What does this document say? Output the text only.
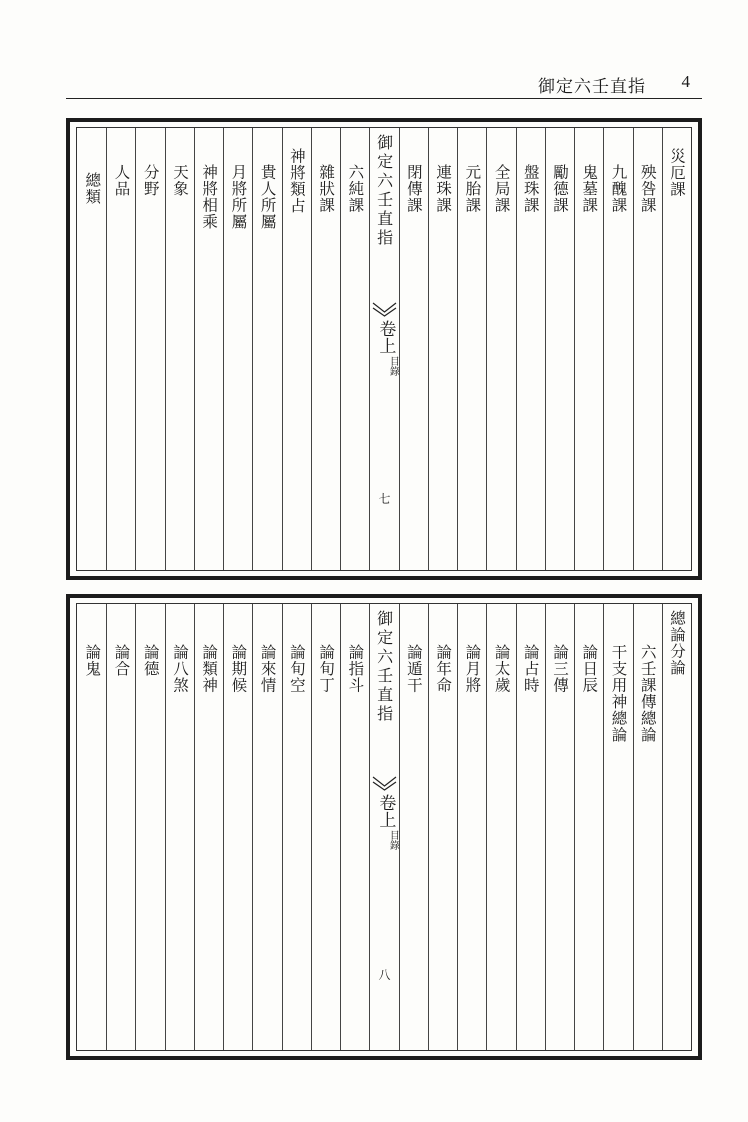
御定六壬直指 4
總類 人品 分野 天象 神將相乘 月將所屬 貴人所屬 神將類占 雜狀課 六純課 御定六壬直指
卷上
目錄
七
閉傳課 連珠課 元胎課 全局課 盤珠課 勵德課 鬼墓課 九醜課 殃咎課 災厄課
論鬼 論合 論德 論八煞 論類神 論期候 論來情 論旬空 論旬丁 論指斗 御定六壬直指
卷上
目錄
八
論遁干 論年命 論月將 論太歲 論占時 論三傳 論日辰 干支用神總論 六壬課傳總論
總論分論
